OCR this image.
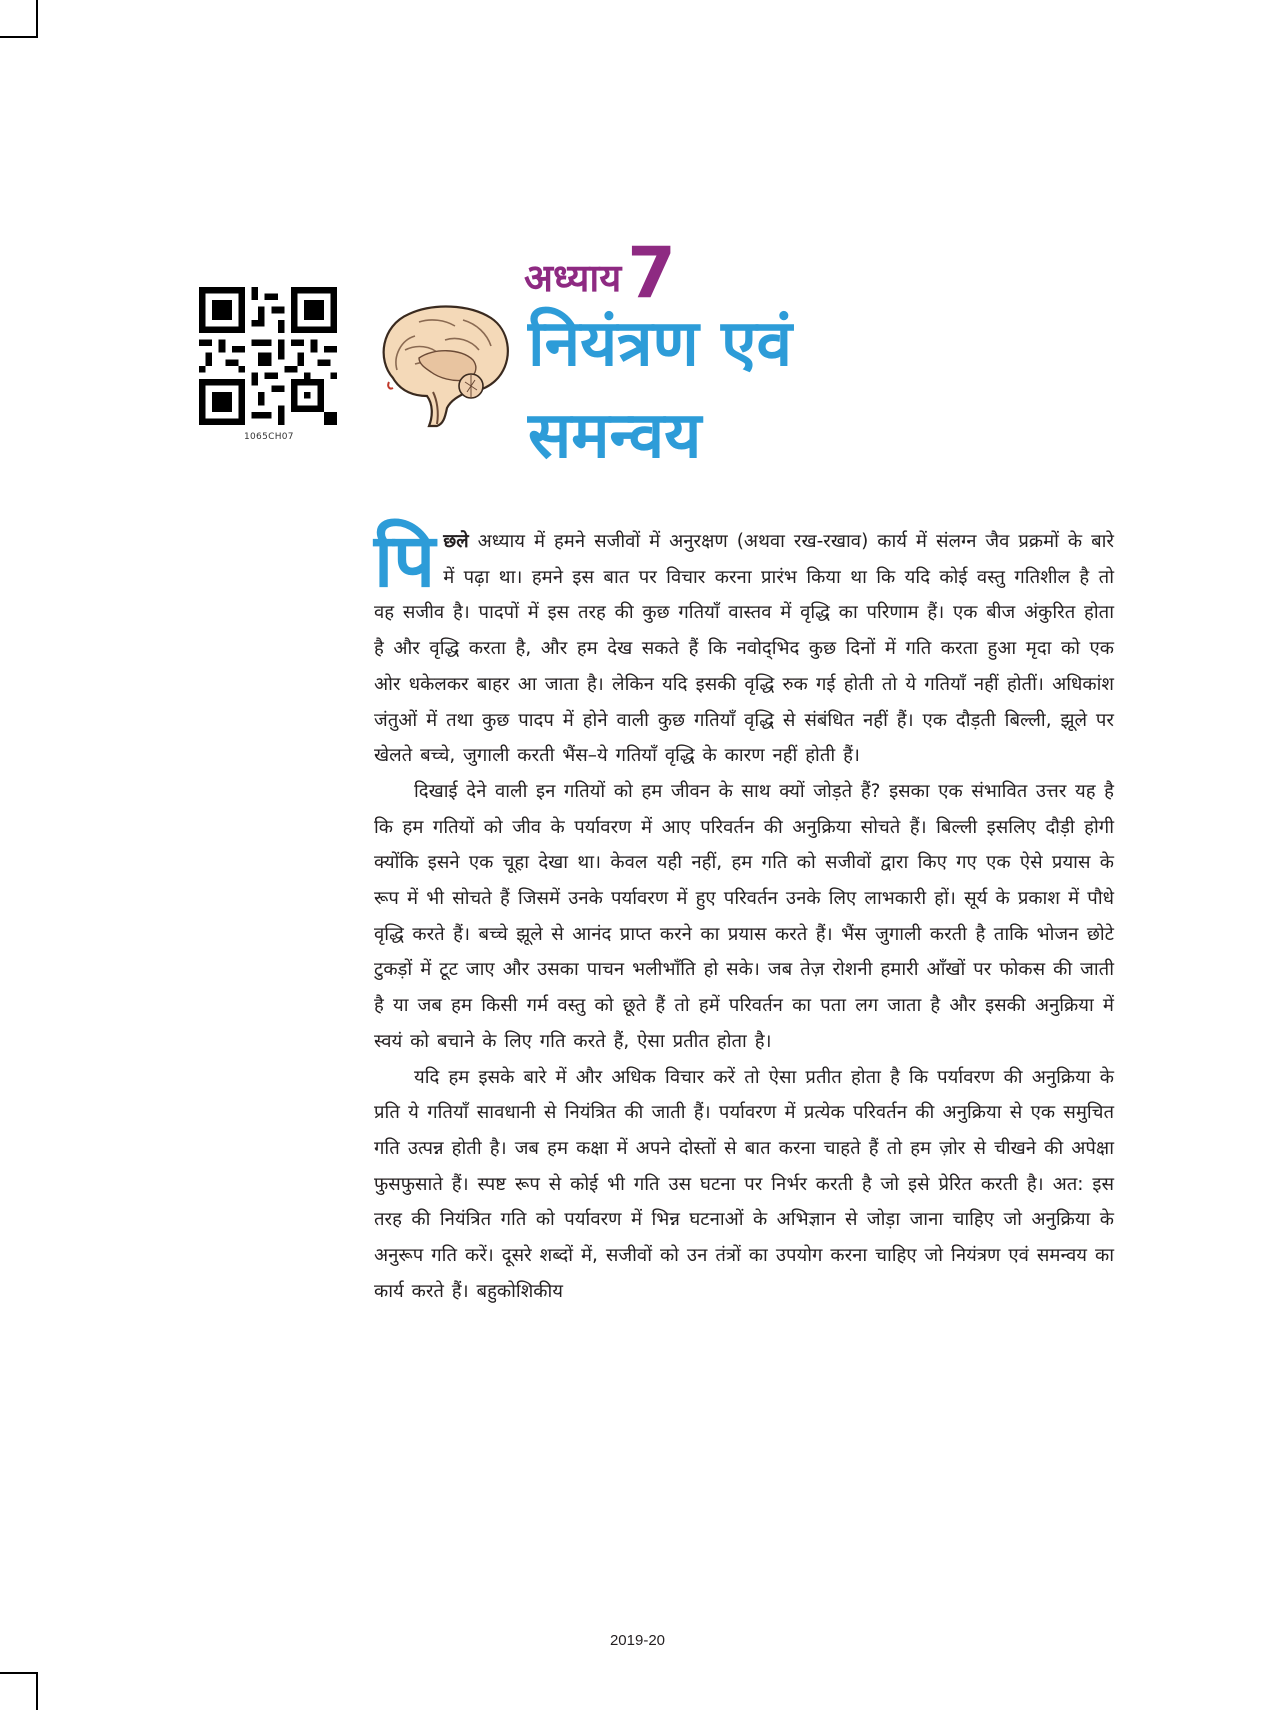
1065CH07
अध्याय7
नियंत्रण एवं
समन्वय

पिछले अध्याय में हमने सजीवों में अनुरक्षण (अथवा रख-रखाव) कार्य में संलग्न जैव प्रक्रमों के बारे में पढ़ा था। हमने इस बात पर विचार करना प्रारंभ किया था कि यदि कोई वस्तु गतिशील है तो वह सजीव है। पादपों में इस तरह की कुछ गतियाँ वास्तव में वृद्धि का परिणाम हैं। एक बीज अंकुरित होता है और वृद्धि करता है, और हम देख सकते हैं कि नवोद्‌भिद कुछ दिनों में गति करता हुआ मृदा को एक ओर धकेलकर बाहर आ जाता है। लेकिन यदि इसकी वृद्धि रुक गई होती तो ये गतियाँ नहीं होतीं। अधिकांश जंतुओं में तथा कुछ पादप में होने वाली कुछ गतियाँ वृद्धि से संबंधित नहीं हैं। एक दौड़ती बिल्ली, झूले पर खेलते बच्चे, जुगाली करती भैंस–ये गतियाँ वृद्धि के कारण नहीं होती हैं।

दिखाई देने वाली इन गतियों को हम जीवन के साथ क्यों जोड़ते हैं? इसका एक संभावित उत्तर यह है कि हम गतियों को जीव के पर्यावरण में आए परिवर्तन की अनुक्रिया सोचते हैं। बिल्ली इसलिए दौड़ी होगी क्योंकि इसने एक चूहा देखा था। केवल यही नहीं, हम गति को सजीवों द्वारा किए गए एक ऐसे प्रयास के रूप में भी सोचते हैं जिसमें उनके पर्यावरण में हुए परिवर्तन उनके लिए लाभकारी हों। सूर्य के प्रकाश में पौधे वृद्धि करते हैं। बच्चे झूले से आनंद प्राप्त करने का प्रयास करते हैं। भैंस जुगाली करती है ताकि भोजन छोटे टुकड़ों में टूट जाए और उसका पाचन भलीभाँति हो सके। जब तेज़ रोशनी हमारी आँखों पर फोकस की जाती है या जब हम किसी गर्म वस्तु को छूते हैं तो हमें परिवर्तन का पता लग जाता है और इसकी अनुक्रिया में स्वयं को बचाने के लिए गति करते हैं, ऐसा प्रतीत होता है।

यदि हम इसके बारे में और अधिक विचार करें तो ऐसा प्रतीत होता है कि पर्यावरण की अनुक्रिया के प्रति ये गतियाँ सावधानी से नियंत्रित की जाती हैं। पर्यावरण में प्रत्येक परिवर्तन की अनुक्रिया से एक समुचित गति उत्पन्न होती है। जब हम कक्षा में अपने दोस्तों से बात करना चाहते हैं तो हम ज़ोर से चीखने की अपेक्षा फुसफुसाते हैं। स्पष्ट रूप से कोई भी गति उस घटना पर निर्भर करती है जो इसे प्रेरित करती है। अत: इस तरह की नियंत्रित गति को पर्यावरण में भिन्न घटनाओं के अभिज्ञान से जोड़ा जाना चाहिए जो अनुक्रिया के अनुरूप गति करें। दूसरे शब्दों में, सजीवों को उन तंत्रों का उपयोग करना चाहिए जो नियंत्रण एवं समन्वय का कार्य करते हैं। बहुकोशिकीय

2019-20
